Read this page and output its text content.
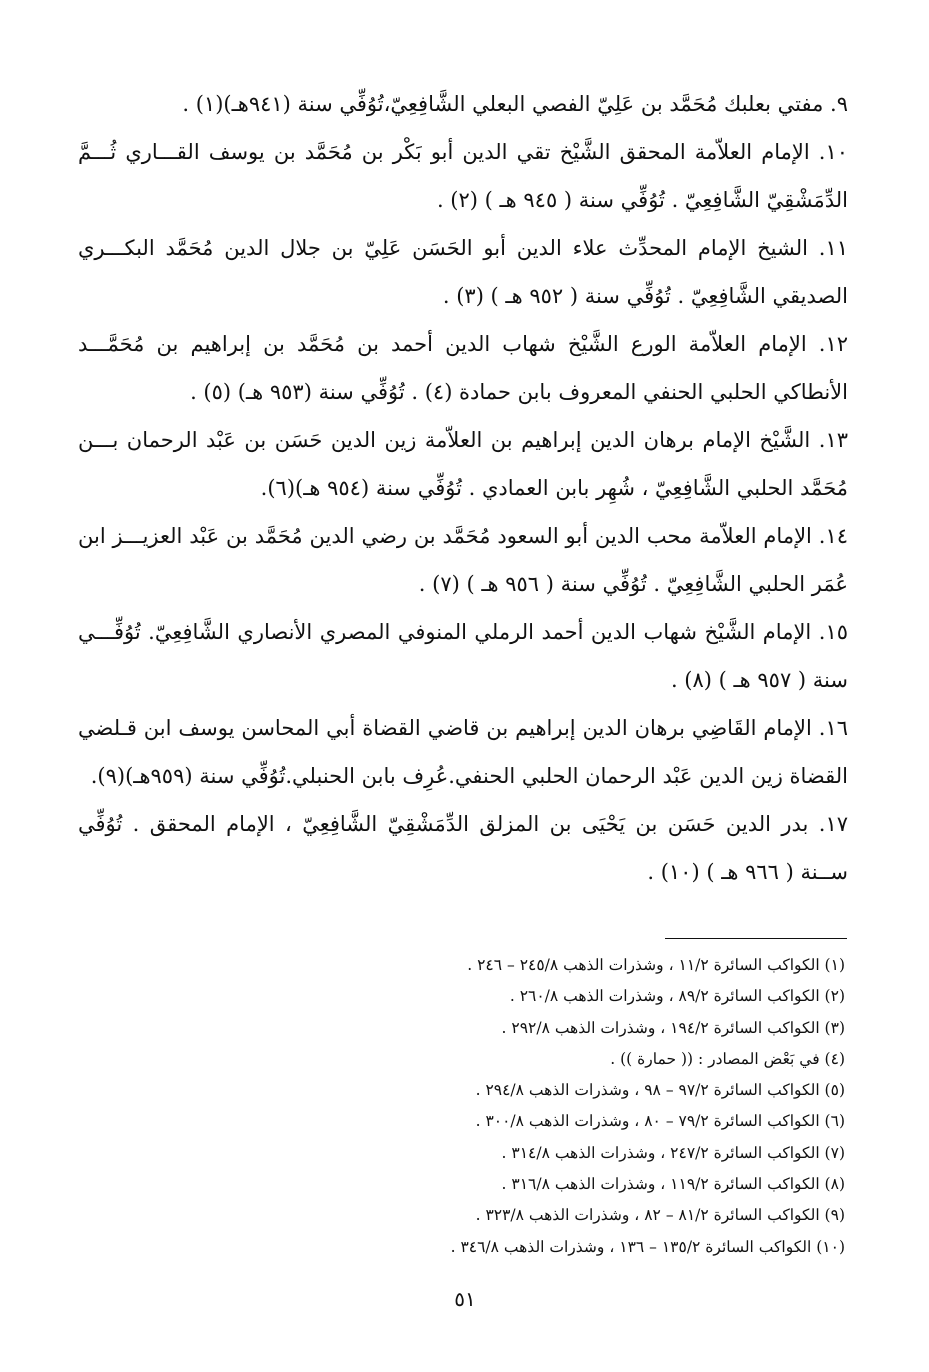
٩. مفتي بعلبك مُحَمَّد بن عَلِيّ الفصي البعلي الشَّافِعِيّ،تُوُفِّي سنة (٩٤١هـ)(١) .

١٠. الإمام العلاّمة المحقق الشَّيْخ تقي الدين أبو بَكْر بن مُحَمَّد بن يوسف القـــاري ثُـــمَّ الدِّمَشْقِيّ الشَّافِعِيّ . تُوُفِّي سنة ( ٩٤٥ هـ ) (٢) .

١١. الشيخ الإمام المحدِّث علاء الدين أبو الحَسَن عَلِيّ بن جلال الدين مُحَمَّد البكـــري الصديقي الشَّافِعِيّ . تُوُفِّي سنة ( ٩٥٢ هـ ) (٣) .

١٢. الإمام العلاّمة الورع الشَّيْخ شهاب الدين أحمد بن مُحَمَّد بن إبراهيم بن مُحَمَّـــد الأنطاكي الحلبي الحنفي المعروف بابن حمادة (٤) . تُوُفِّي سنة (٩٥٣ هـ) (٥) .

١٣. الشَّيْخ الإمام برهان الدين إبراهيم بن العلاّمة زين الدين حَسَن بن عَبْد الرحمان بـــن مُحَمَّد الحلبي الشَّافِعِيّ ، شُهِر بابن العمادي . تُوُفِّي سنة (٩٥٤ هـ)(٦).

١٤. الإمام العلاّمة محب الدين أبو السعود مُحَمَّد بن رضي الدين مُحَمَّد بن عَبْد العزيـــز ابن عُمَر الحلبي الشَّافِعِيّ . تُوُفِّي سنة ( ٩٥٦ هـ ) (٧) .

١٥. الإمام الشَّيْخ شهاب الدين أحمد الرملي المنوفي المصري الأنصاري الشَّافِعِيّ. تُوُفِّـــي سنة ( ٩٥٧ هـ ) (٨) .

١٦. الإمام القَاضِي برهان الدين إبراهيم بن قاضي القضاة أبي المحاسن يوسف ابن قـلضي القضاة زين الدين عَبْد الرحمان الحلبي الحنفي.عُرِف بابن الحنبلي.تُوُفِّي سنة (٩٥٩هـ)(٩).

١٧. بدر الدين حَسَن بن يَحْيَى بن المزلق الدِّمَشْقِيّ الشَّافِعِيّ ، الإمام المحقق . تُوُفِّي ســنة ( ٩٦٦ هـ ) (١٠) .

(١) الكواكب السائرة ١١/٢ ، وشذرات الذهب ٢٤٥/٨ – ٢٤٦ .

(٢) الكواكب السائرة ٨٩/٢ ، وشذرات الذهب ٢٦٠/٨ .

(٣) الكواكب السائرة ١٩٤/٢ ، وشذرات الذهب ٢٩٢/٨ .

(٤) في بَعْض المصادر : (( حمارة )) .

(٥) الكواكب السائرة ٩٧/٢ – ٩٨ ، وشذرات الذهب ٢٩٤/٨ .

(٦) الكواكب السائرة ٧٩/٢ – ٨٠ ، وشذرات الذهب ٣٠٠/٨ .

(٧) الكواكب السائرة ٢٤٧/٢ ، وشذرات الذهب ٣١٤/٨ .

(٨) الكواكب السائرة ١١٩/٢ ، وشذرات الذهب ٣١٦/٨ .

(٩) الكواكب السائرة ٨١/٢ – ٨٢ ، وشذرات الذهب ٣٢٣/٨ .

(١٠) الكواكب السائرة ١٣٥/٢ – ١٣٦ ، وشذرات الذهب ٣٤٦/٨ .

٥١
